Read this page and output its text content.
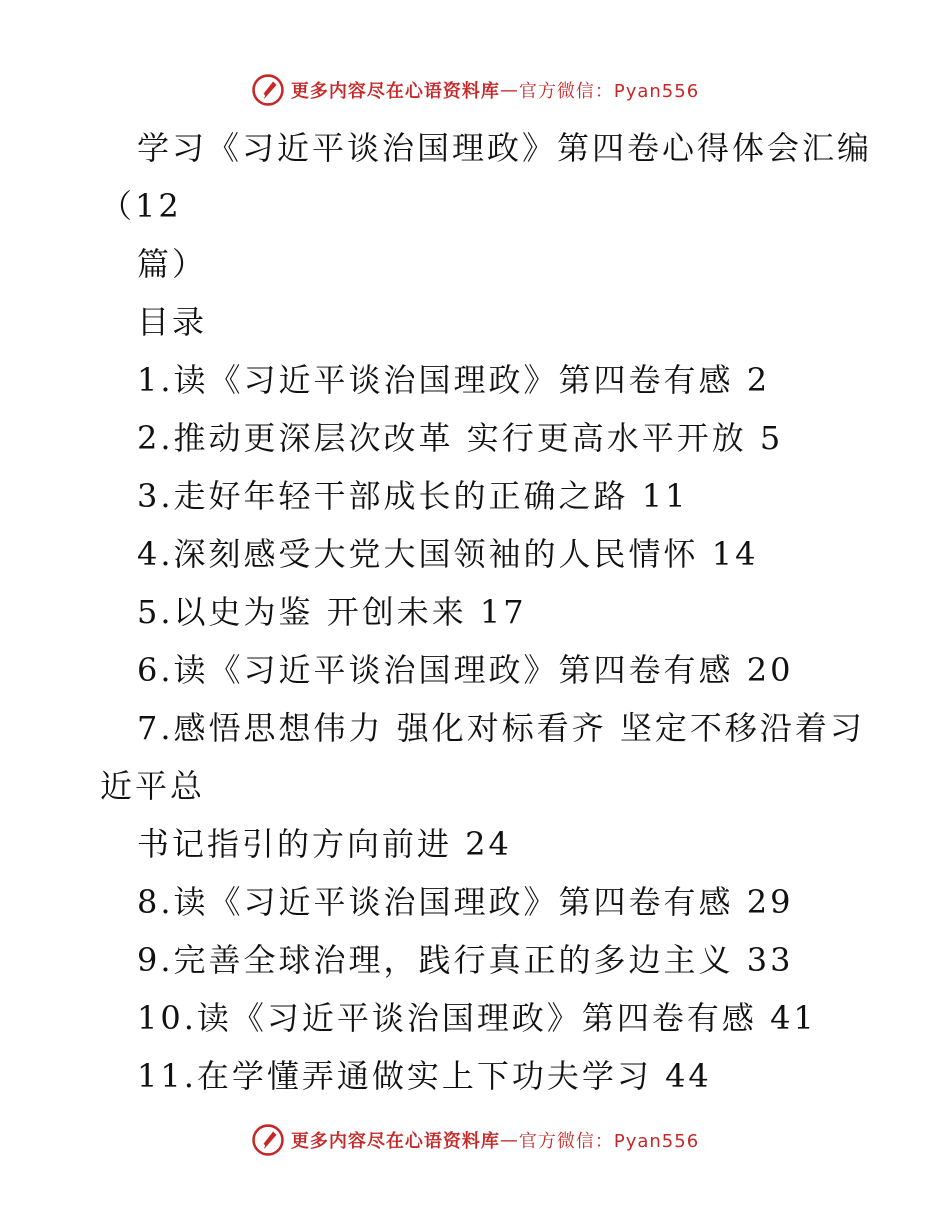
更多内容尽在心语资料库 — 官方微信：Pyan556
学习《习近平谈治国理政》第四卷心得体会汇编
（12
篇）
目录
1.读《习近平谈治国理政》第四卷有感 2
2.推动更深层次改革 实行更高水平开放 5
3.走好年轻干部成长的正确之路 11
4.深刻感受大党大国领袖的人民情怀 14
5.以史为鉴 开创未来 17
6.读《习近平谈治国理政》第四卷有感 20
7.感悟思想伟力 强化对标看齐 坚定不移沿着习
近平总
书记指引的方向前进 24
8.读《习近平谈治国理政》第四卷有感 29
9.完善全球治理，践行真正的多边主义 33
10.读《习近平谈治国理政》第四卷有感 41
11.在学懂弄通做实上下功夫学习 44
更多内容尽在心语资料库 — 官方微信：Pyan556
